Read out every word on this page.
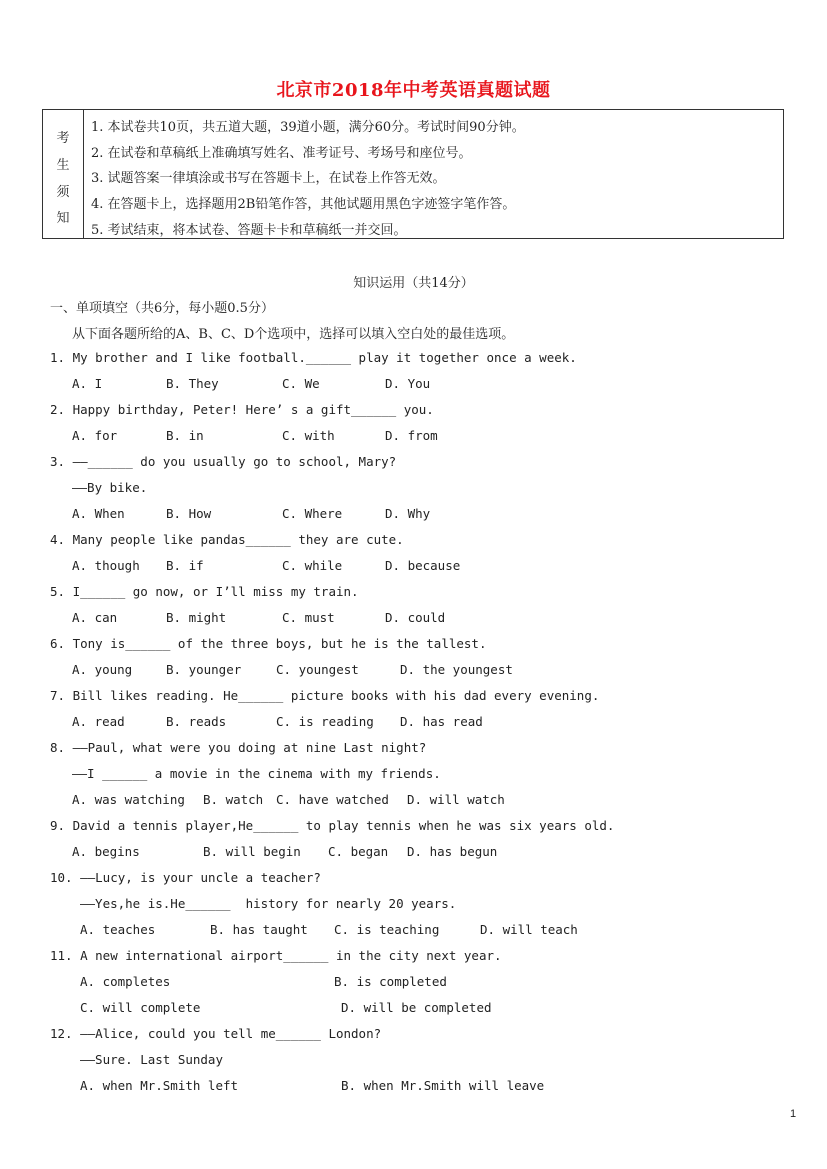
北京市2018年中考英语真题试题
考
生
须
知
1. 本试卷共10页，共五道大题，39道小题，满分60分。考试时间90分钟。
2. 在试卷和草稿纸上准确填写姓名、准考证号、考场号和座位号。
3. 试题答案一律填涂或书写在答题卡上，在试卷上作答无效。
4. 在答题卡上，选择题用2B铅笔作答，其他试题用黑色字迹签字笔作答。
5. 考试结束，将本试卷、答题卡卡和草稿纸一并交回。
知识运用（共14分）
一、单项填空（共6分，每小题0.5分）
从下面各题所给的A、B、C、D个选项中，选择可以填入空白处的最佳选项。
1. My brother and I like football.______ play it together once a week.
A. I	B. They	C. We	D. You
2. Happy birthday, Peter! Here’ s a gift______ you.
A. for	B. in	C. with	D. from
3. ——______ do you usually go to school, Mary?
——By bike.
A. When	B. How	C. Where	D. Why
4. Many people like pandas______ they are cute.
A. though B. if	C. while	D. because
5. I______ go now, or I’ll miss my train.
A. can	B. might	C. must	D. could
6. Tony is______ of the three boys, but he is the tallest.
A. young	B. younger	C. youngest	D. the youngest
7. Bill likes reading. He______ picture books with his dad every evening.
A. read	B. reads	C. is reading D. has read
8. ——Paul, what were you doing at nine Last night?
——I ______ a movie in the cinema with my friends.
A. was watching B. watch C. have watched D. will watch
9. David a tennis player,He______ to play tennis when he was six years old.
A. begins	B. will begin C. began D. has begun
10. ——Lucy, is your uncle a teacher?
——Yes,he is.He______  history for nearly 20 years.
A. teaches	B. has taught C. is teaching	D. will teach
11. A new international airport______ in the city next year.
A. completes	B. is completed
C. will complete	D. will be completed
12. ——Alice, could you tell me______ London?
——Sure. Last Sunday
A. when Mr.Smith left	B. when Mr.Smith will leave
1
